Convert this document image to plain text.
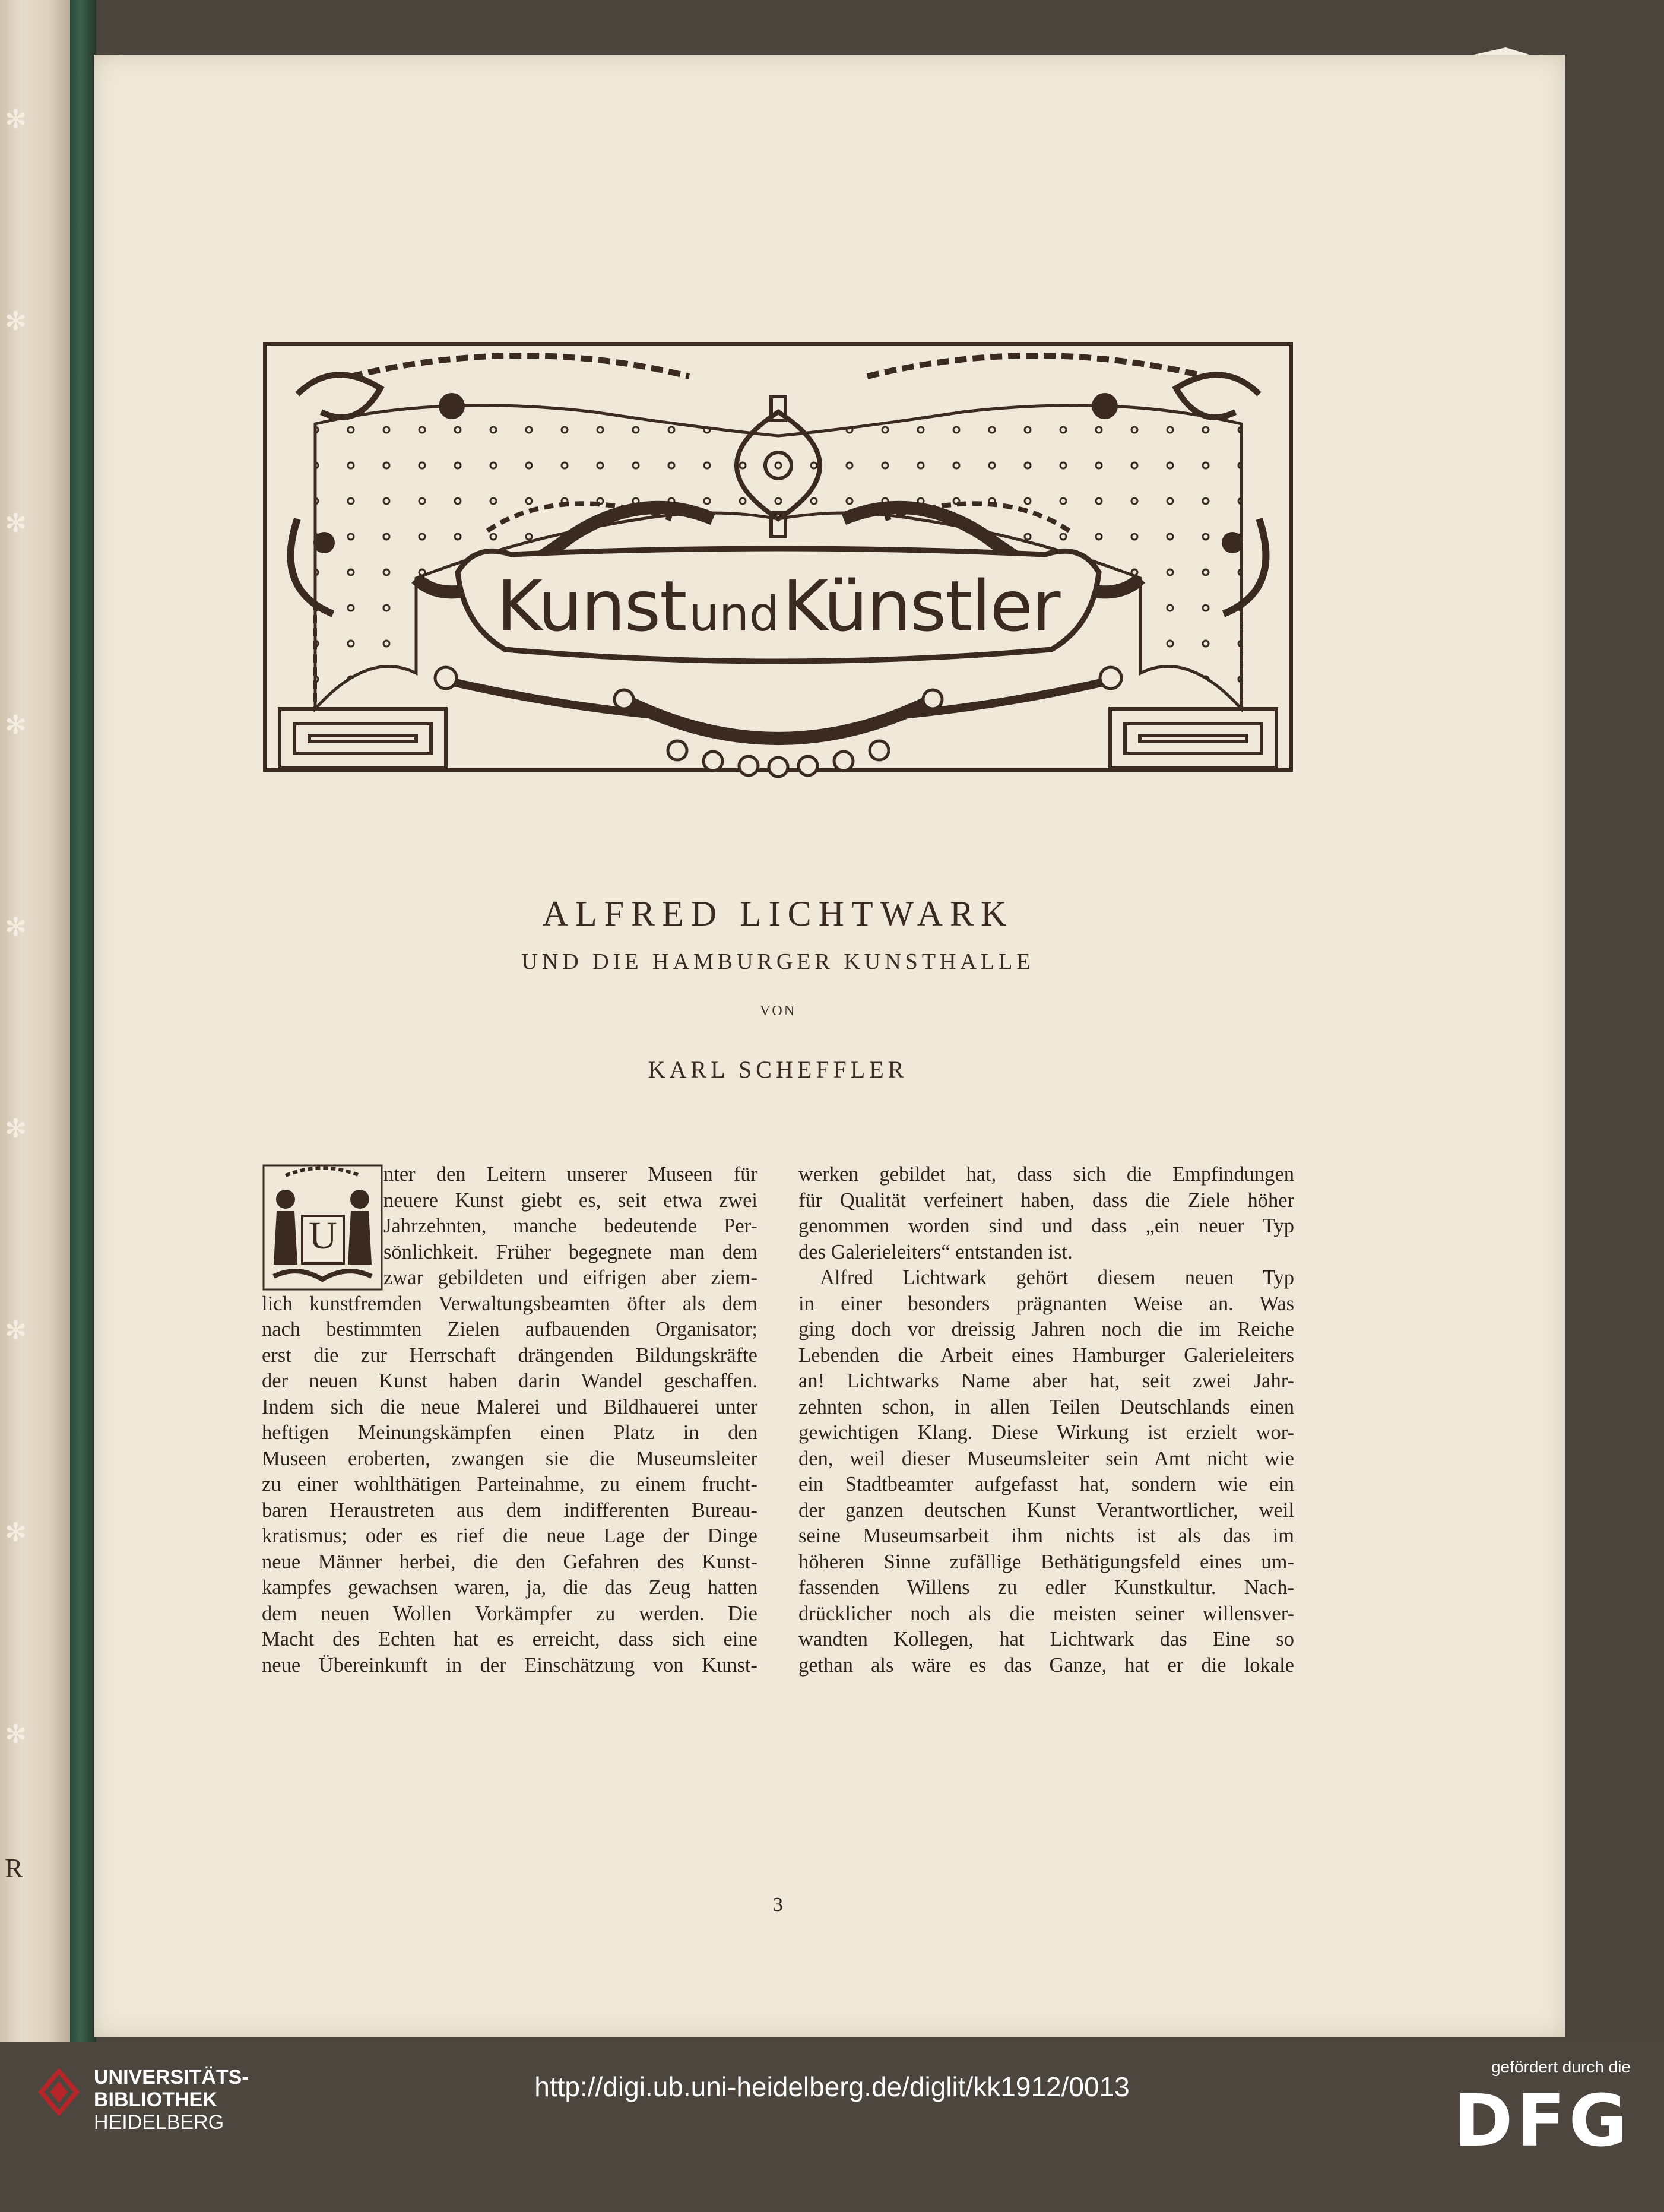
✻
✻
✻
✻
✻
✻
✻
✻
✻
R
Kunst und Künstler
ALFRED LICHTWARK
UND DIE HAMBURGER KUNSTHALLE
VON
KARL SCHEFFLER
U

nter den Leitern unserer Museen für
neuere Kunst giebt es, seit etwa zwei
Jahrzehnten, manche bedeutende Per-
sönlichkeit. Früher begegnete man dem
zwar gebildeten und eifrigen aber ziem-
lich kunstfremden Verwaltungsbeamten öfter als dem
nach bestimmten Zielen aufbauenden Organisator;
erst die zur Herrschaft drängenden Bildungskräfte
der neuen Kunst haben darin Wandel geschaffen.
Indem sich die neue Malerei und Bildhauerei unter
heftigen Meinungskämpfen einen Platz in den
Museen eroberten, zwangen sie die Museumsleiter
zu einer wohlthätigen Parteinahme, zu einem frucht-
baren Heraustreten aus dem indifferenten Bureau-
kratismus; oder es rief die neue Lage der Dinge
neue Männer herbei, die den Gefahren des Kunst-
kampfes gewachsen waren, ja, die das Zeug hatten
dem neuen Wollen Vorkämpfer zu werden. Die
Macht des Echten hat es erreicht, dass sich eine
neue Übereinkunft in der Einschätzung von Kunst-

werken gebildet hat, dass sich die Empfindungen
für Qualität verfeinert haben, dass die Ziele höher
genommen worden sind und dass „ein neuer Typ
des Galerieleiters“ entstanden ist.
Alfred Lichtwark gehört diesem neuen Typ
in einer besonders prägnanten Weise an. Was
ging doch vor dreissig Jahren noch die im Reiche
Lebenden die Arbeit eines Hamburger Galerieleiters
an! Lichtwarks Name aber hat, seit zwei Jahr-
zehnten schon, in allen Teilen Deutschlands einen
gewichtigen Klang. Diese Wirkung ist erzielt wor-
den, weil dieser Museumsleiter sein Amt nicht wie
ein Stadtbeamter aufgefasst hat, sondern wie ein
der ganzen deutschen Kunst Verantwortlicher, weil
seine Museumsarbeit ihm nichts ist als das im
höheren Sinne zufällige Bethätigungsfeld eines um-
fassenden Willens zu edler Kunstkultur. Nach-
drücklicher noch als die meisten seiner willensver-
wandten Kollegen, hat Lichtwark das Eine so
gethan als wäre es das Ganze, hat er die lokale

3
UNIVERSITÄTS-
BIBLIOTHEK
HEIDELBERG
http://digi.ub.uni-heidelberg.de/diglit/kk1912/0013
gefördert durch die
DFG
